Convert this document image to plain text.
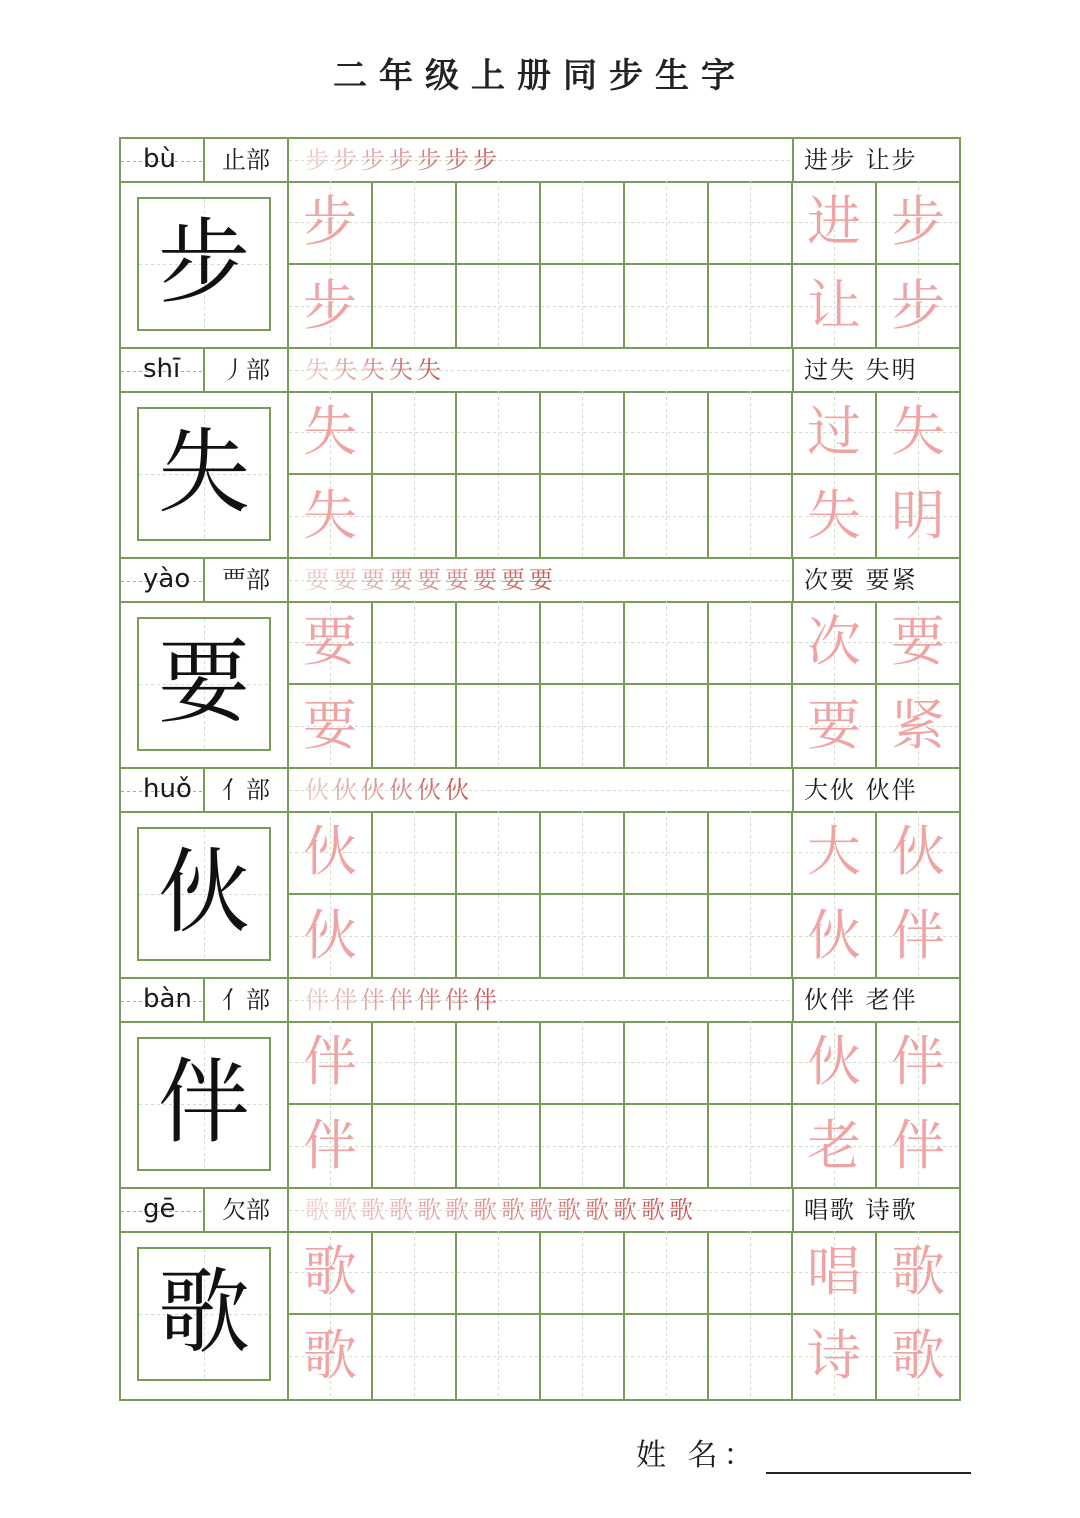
二年级上册同步生字
bù	止部	步步步步步步步	进步 让步
步 步	进 步
步	让 步
shī	丿部	失失失失失	过失 失明
失 失	过 失
失	失 明
yào	覀部	要要要要要要要要要	次要 要紧
要 要	次 要
要	要 紧
huǒ	亻部	伙伙伙伙伙伙	大伙 伙伴
伙 伙	大 伙
伙	伙 伴
bàn	亻部	伴伴伴伴伴伴伴	伙伴 老伴
伴 伴	伙 伴
伴	老 伴
gē	欠部	歌歌歌歌歌歌歌歌歌歌歌歌歌歌	唱歌 诗歌
歌 歌	唱 歌
歌	诗 歌
姓 名：
